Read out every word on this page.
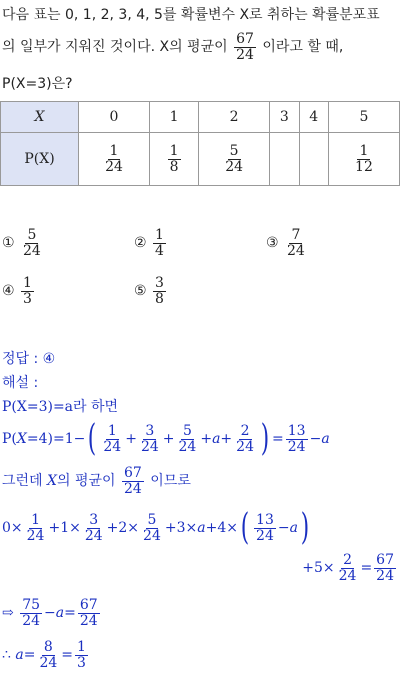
다음 표는 0, 1, 2, 3, 4, 5를 확률변수 X로 취하는 확률분포표
의 일부가 지워진 것이다. X의 평균이 $\frac{67}{24}$ 이라고 할 때,
P(X=3)은?
X	0	1	2	3	4	5
P(X)	$\frac{1}{24}$	$\frac{1}{8}$	$\frac{5}{24}$			$\frac{1}{12}$
① $\frac{5}{24}$	② $\frac{1}{4}$	③ $\frac{7}{24}$
④ $\frac{1}{3}$	⑤ $\frac{3}{8}$
정답 : ④
해설 :
P(X=3)=a라 하면
$P(X=4)=1-( \frac{1}{24} + \frac{3}{24} + \frac{5}{24} +a+ \frac{2}{24}$ ) = $\frac{13}{24} -a$
그런데 X의 평균이 $\frac{67}{24}$ 이므로
$0\times \frac{1}{24} +1\times \frac{3}{24} +2\times \frac{5}{24} +3\times a+4\times( \frac{13}{24} -a)$
$+5\times \frac{2}{24} = \frac{67}{24}$
⇨ $\frac{75}{24} -a= \frac{67}{24}$
∴ $a= \frac{8}{24} = \frac{1}{3}$
